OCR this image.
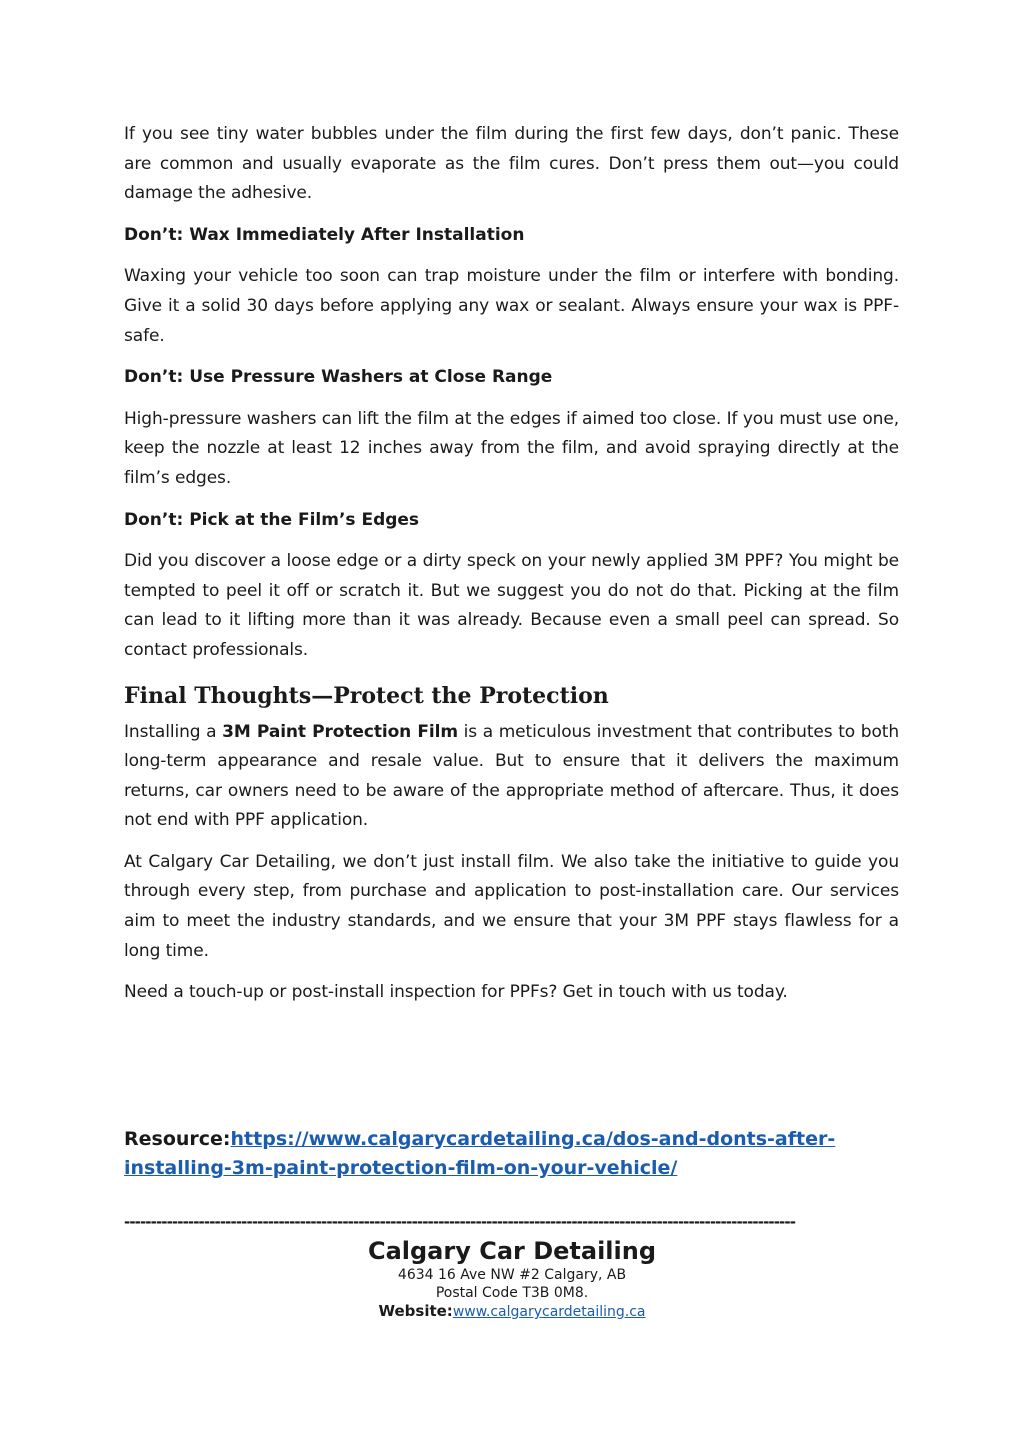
If you see tiny water bubbles under the film during the first few days, don’t panic. These are common and usually evaporate as the film cures. Don’t press them out—you could damage the adhesive.

Don’t: Wax Immediately After Installation

Waxing your vehicle too soon can trap moisture under the film or interfere with bonding. Give it a solid 30 days before applying any wax or sealant. Always ensure your wax is PPF-safe.

Don’t: Use Pressure Washers at Close Range

High-pressure washers can lift the film at the edges if aimed too close. If you must use one, keep the nozzle at least 12 inches away from the film, and avoid spraying directly at the film’s edges.

Don’t: Pick at the Film’s Edges

Did you discover a loose edge or a dirty speck on your newly applied 3M PPF? You might be tempted to peel it off or scratch it. But we suggest you do not do that. Picking at the film can lead to it lifting more than it was already. Because even a small peel can spread. So contact professionals.

Final Thoughts—Protect the Protection

Installing a 3M Paint Protection Film is a meticulous investment that contributes to both long-term appearance and resale value. But to ensure that it delivers the maximum returns, car owners need to be aware of the appropriate method of aftercare. Thus, it does not end with PPF application.

At Calgary Car Detailing, we don’t just install film. We also take the initiative to guide you through every step, from purchase and application to post-installation care. Our services aim to meet the industry standards, and we ensure that your 3M PPF stays flawless for a long time.

Need a touch-up or post-install inspection for PPFs? Get in touch with us today.

Resource:https://www.calgarycardetailing.ca/dos-and-donts-after-installing-3m-paint-protection-film-on-your-vehicle/
------------------------------------------------------------------------------------------------------------------------------
Calgary Car Detailing
4634 16 Ave NW #2 Calgary, AB
Postal Code T3B 0M8.
Website:www.calgarycardetailing.ca
